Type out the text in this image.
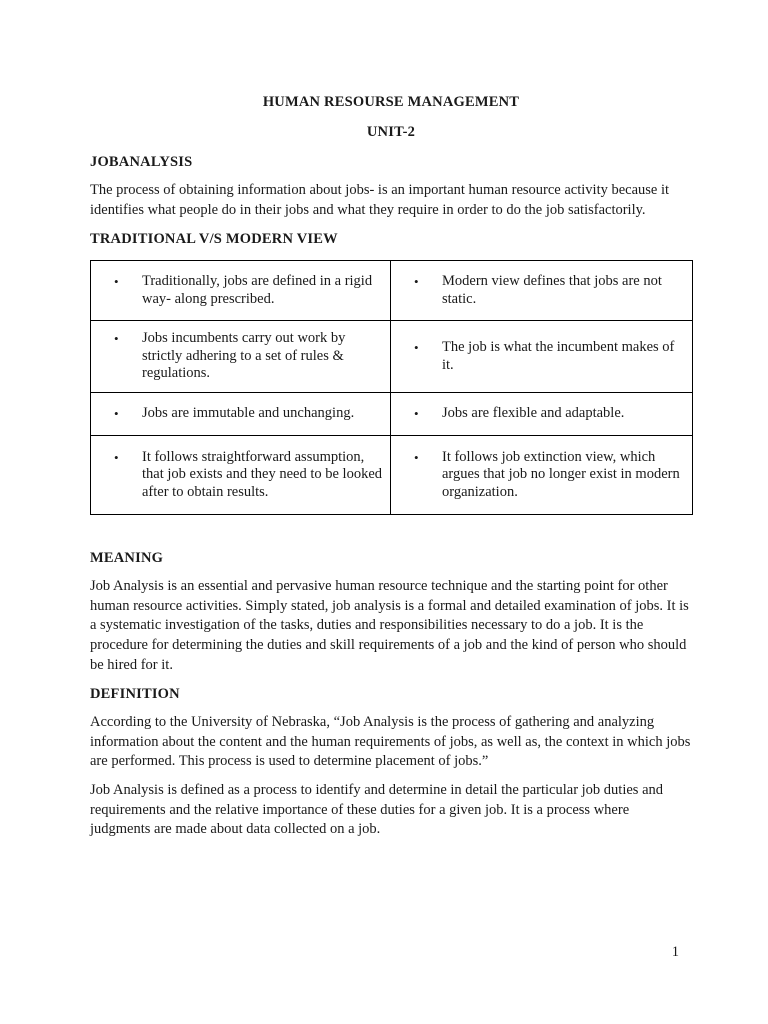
HUMAN RESOURSE MANAGEMENT
UNIT-2
JOBANALYSIS

The process of obtaining information about jobs- is an important human resource activity because it identifies what people do in their jobs and what they require in order to do the job satisfactorily.

TRADITIONAL V/S MODERN VIEW
• Traditionally, jobs are defined in a rigid way- along prescribed.	• Modern view defines that jobs are not static.

• Jobs incumbents carry out work by strictly adhering to a set of rules & regulations.	• The job is what the incumbent makes of it.

• Jobs are immutable and unchanging.	• Jobs are flexible and adaptable.

• It follows straightforward assumption, that job exists and they need to be looked after to obtain results.	• It follows job extinction view, which argues that job no longer exist in modern organization.
MEANING

Job Analysis is an essential and pervasive human resource technique and the starting point for other human resource activities. Simply stated, job analysis is a formal and detailed examination of jobs. It is a systematic investigation of the tasks, duties and responsibilities necessary to do a job. It is the procedure for determining the duties and skill requirements of a job and the kind of person who should be hired for it.

DEFINITION

According to the University of Nebraska, “Job Analysis is the process of gathering and analyzing information about the content and the human requirements of jobs, as well as, the context in which jobs are performed. This process is used to determine placement of jobs.”

Job Analysis is defined as a process to identify and determine in detail the particular job duties and requirements and the relative importance of these duties for a given job. It is a process where judgments are made about data collected on a job.

1
